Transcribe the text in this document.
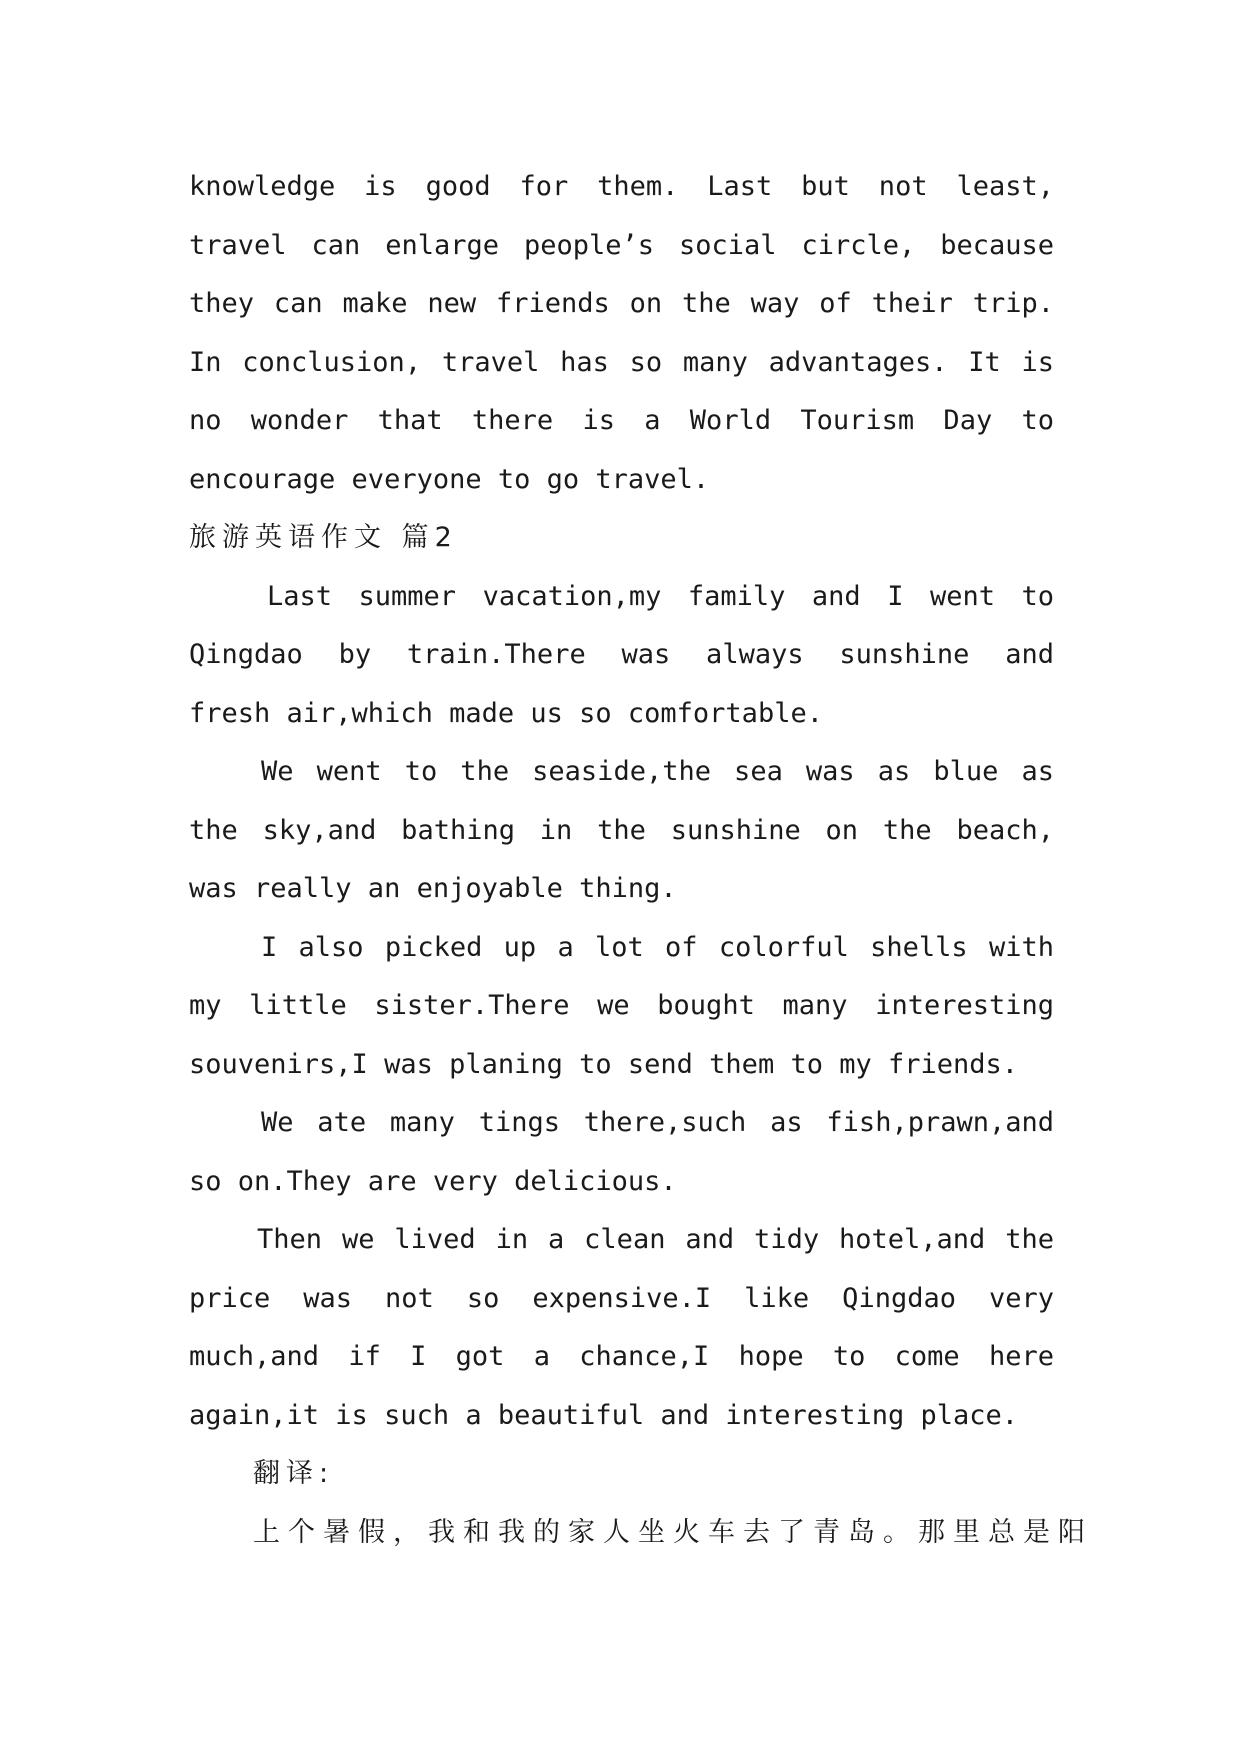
knowledge is good for them. Last but not least,
travel can enlarge people’s social circle, because
they can make new friends on the way of their trip.
In conclusion, travel has so many advantages. It is
no wonder that there is a World Tourism Day to
encourage everyone to go travel.
旅游英语作文 篇2
Last summer vacation,my family and I went to
Qingdao by train.There was always sunshine and
fresh air,which made us so comfortable.
We went to the seaside,the sea was as blue as
the sky,and bathing in the sunshine on the beach,
was really an enjoyable thing.
I also picked up a lot of colorful shells with
my little sister.There we bought many interesting
souvenirs,I was planing to send them to my friends.
We ate many tings there,such as fish,prawn,and
so on.They are very delicious.
Then we lived in a clean and tidy hotel,and the
price was not so expensive.I like Qingdao very
much,and if I got a chance,I hope to come here
again,it is such a beautiful and interesting place.
翻译:
上个暑假，我和我的家人坐火车去了青岛。那里总是阳
